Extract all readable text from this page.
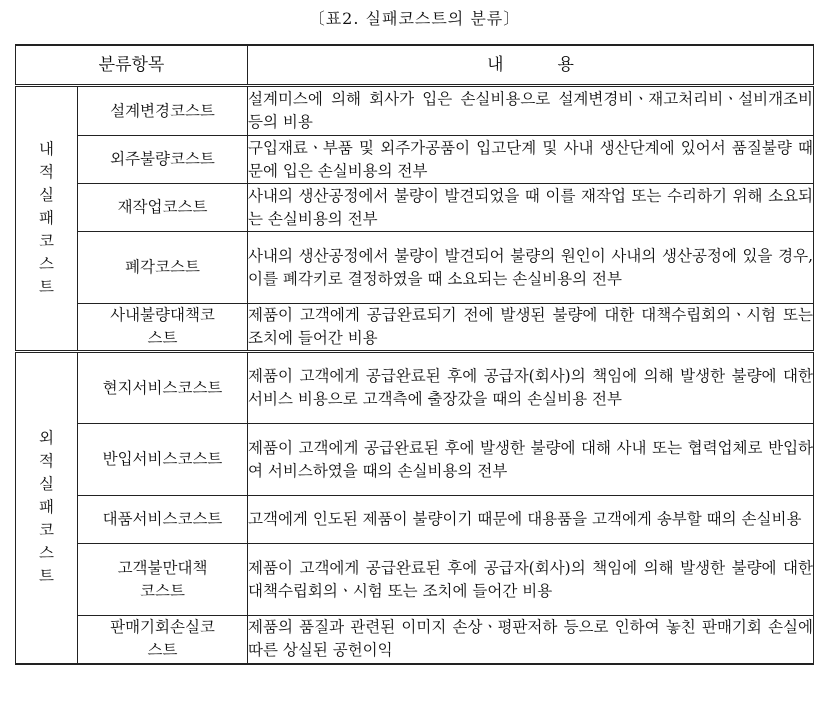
〔표2. 실패코스트의 분류〕
분류항목		내          용

내적실패코스트	설계변경코스트	설계미스에 의해 회사가 입은 손실비용으로 설계변경비ㆍ재고처리비ㆍ설비개조비 등의 비용
	외주불량코스트	구입재료ㆍ부품 및 외주가공품이 입고단계 및 사내 생산단계에 있어서 품질불량 때문에 입은 손실비용의 전부
	재작업코스트	사내의 생산공정에서 불량이 발견되었을 때 이를 재작업 또는 수리하기 위해 소요되는 손실비용의 전부
	폐각코스트	사내의 생산공정에서 불량이 발견되어 불량의 원인이 사내의 생산공정에 있을 경우, 이를 폐각키로 결정하였을 때 소요되는 손실비용의 전부

	사내불량대책코스트	제품이 고객에게 공급완료되기 전에 발생된 불량에 대한 대책수립회의ㆍ시험 또는 조치에 들어간 비용

외적실패코스트	현지서비스코스트	제품이 고객에게 공급완료된 후에 공급자(회사)의 책임에 의해 발생한 불량에 대한 서비스 비용으로 고객측에 출장갔을 때의 손실비용 전부
	반입서비스코스트	제품이 고객에게 공급완료된 후에 발생한 불량에 대해 사내 또는 협력업체로 반입하여 서비스하였을 때의 손실비용의 전부
	대품서비스코스트	고객에게 인도된 제품이 불량이기 때문에 대용품을 고객에게 송부할 때의 손실비용

	고객불만대책코스트	제품이 고객에게 공급완료된 후에 공급자(회사)의 책임에 의해 발생한 불량에 대한 대책수립회의ㆍ시험 또는 조치에 들어간 비용

	판매기회손실코스트	제품의 품질과 관련된 이미지 손상ㆍ평판저하 등으로 인하여 놓친 판매기회 손실에 따른 상실된 공헌이익
